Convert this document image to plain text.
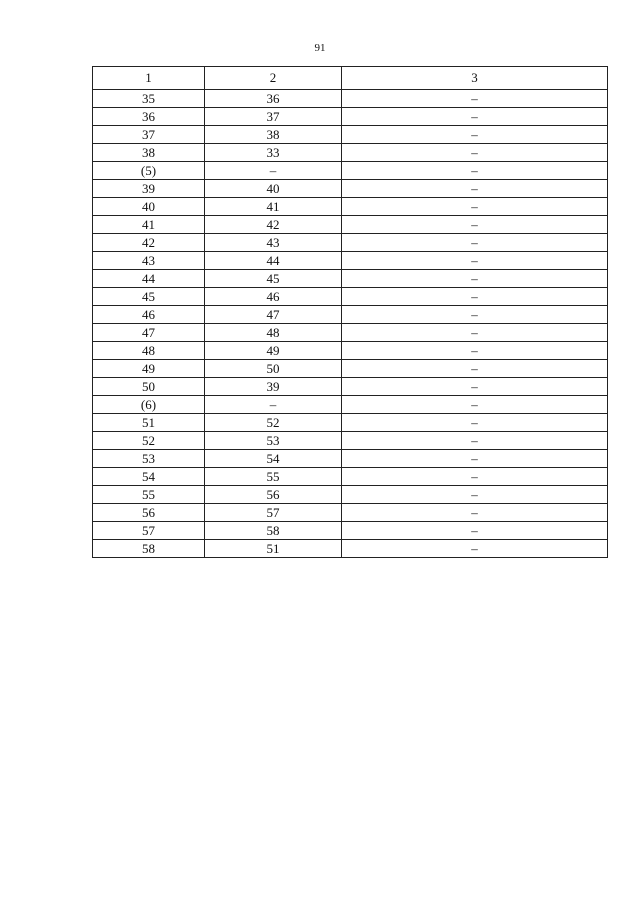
91
1	2	3
35	36	–
36	37	–
37	38	–
38	33	–
(5)	–	–
39	40	–
40	41	–
41	42	–
42	43	–
43	44	–
44	45	–
45	46	–
46	47	–
47	48	–
48	49	–
49	50	–
50	39	–
(6)	–	–
51	52	–
52	53	–
53	54	–
54	55	–
55	56	–
56	57	–
57	58	–
58	51	–
